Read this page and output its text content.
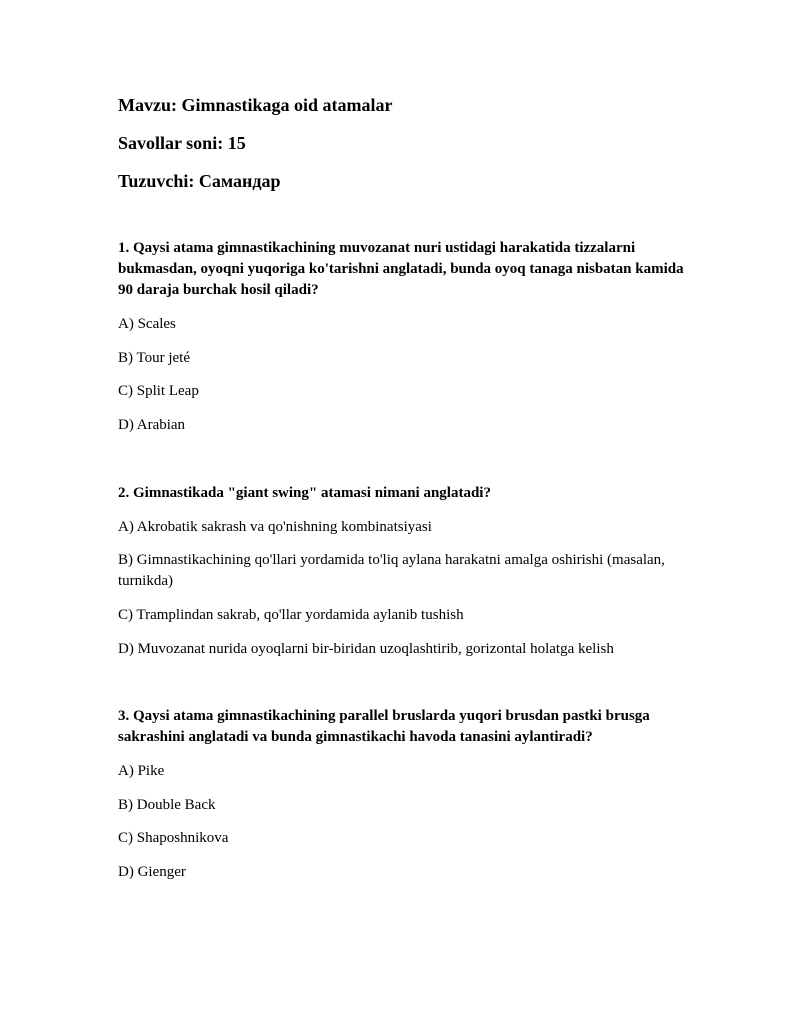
Mavzu: Gimnastikaga oid atamalar
Savollar soni: 15
Tuzuvchi: Самандар
1. Qaysi atama gimnastikachining muvozanat nuri ustidagi harakatida tizzalarni bukmasdan, oyoqni yuqoriga ko'tarishni anglatadi, bunda oyoq tanaga nisbatan kamida 90 daraja burchak hosil qiladi?
A) Scales
B) Tour jeté
C) Split Leap
D) Arabian
2. Gimnastikada "giant swing" atamasi nimani anglatadi?
A) Akrobatik sakrash va qo'nishning kombinatsiyasi
B) Gimnastikachining qo'llari yordamida to'liq aylana harakatni amalga oshirishi (masalan, turnikda)
C) Tramplindan sakrab, qo'llar yordamida aylanib tushish
D) Muvozanat nurida oyoqlarni bir-biridan uzoqlashtirib, gorizontal holatga kelish
3. Qaysi atama gimnastikachining parallel bruslarda yuqori brusdan pastki brusga sakrashini anglatadi va bunda gimnastikachi havoda tanasini aylantiradi?
A) Pike
B) Double Back
C) Shaposhnikova
D) Gienger
